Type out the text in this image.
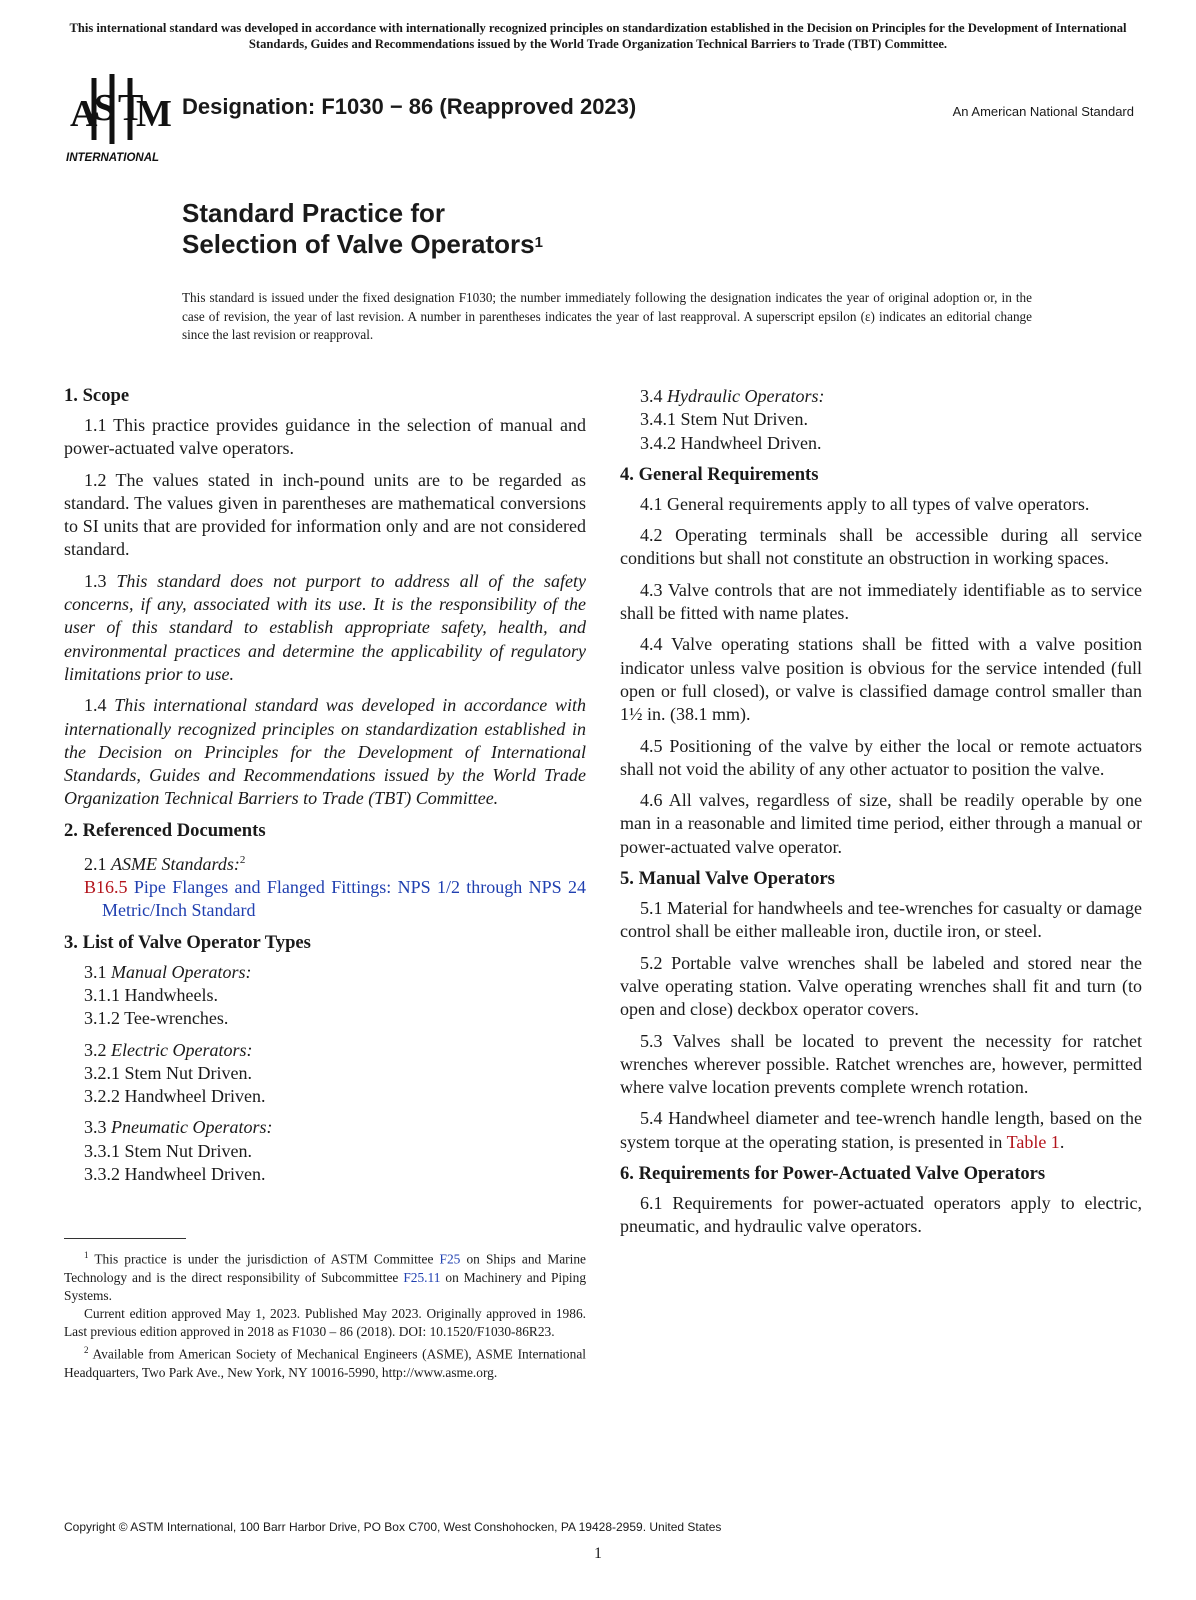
This international standard was developed in accordance with internationally recognized principles on standardization established in the Decision on Principles for the Development of International Standards, Guides and Recommendations issued by the World Trade Organization Technical Barriers to Trade (TBT) Committee.
A
S T
M
INTERNATIONAL
Designation: F1030 − 86 (Reapproved 2023)	An American National Standard
Standard Practice for
Selection of Valve Operators$^1$
This standard is issued under the fixed designation F1030; the number immediately following the designation indicates the year of original adoption or, in the case of revision, the year of last revision. A number in parentheses indicates the year of last reapproval. A superscript epsilon (ε) indicates an editorial change since the last revision or reapproval.
1. Scope

1.1 This practice provides guidance in the selection of manual and power-actuated valve operators.

1.2 The values stated in inch-pound units are to be regarded as standard. The values given in parentheses are mathematical conversions to SI units that are provided for information only and are not considered standard.

1.3 This standard does not purport to address all of the safety concerns, if any, associated with its use. It is the responsibility of the user of this standard to establish appropriate safety, health, and environmental practices and determine the applicability of regulatory limitations prior to use.

1.4 This international standard was developed in accordance with internationally recognized principles on standardization established in the Decision on Principles for the Development of International Standards, Guides and Recommendations issued by the World Trade Organization Technical Barriers to Trade (TBT) Committee.

2. Referenced Documents
2.1 ASME Standards:$^2$
B16.5 Pipe Flanges and Flanged Fittings: NPS 1/2 through NPS 24 Metric/Inch Standard
3. List of Valve Operator Types
3.1 Manual Operators:
3.1.1 Handwheels.
3.1.2 Tee-wrenches.
3.2 Electric Operators:
3.2.1 Stem Nut Driven.
3.2.2 Handwheel Driven.
3.3 Pneumatic Operators:
3.3.1 Stem Nut Driven.
3.3.2 Handwheel Driven.

$^1$ This practice is under the jurisdiction of ASTM Committee F25 on Ships and Marine Technology and is the direct responsibility of Subcommittee F25.11 on Machinery and Piping Systems.

Current edition approved May 1, 2023. Published May 2023. Originally approved in 1986. Last previous edition approved in 2018 as F1030 – 86 (2018). DOI: 10.1520/F1030-86R23.

$^2$ Available from American Society of Mechanical Engineers (ASME), ASME International Headquarters, Two Park Ave., New York, NY 10016-5990, http://www.asme.org.

3.4 Hydraulic Operators:
3.4.1 Stem Nut Driven.
3.4.2 Handwheel Driven.
4. General Requirements

4.1 General requirements apply to all types of valve operators.

4.2 Operating terminals shall be accessible during all service conditions but shall not constitute an obstruction in working spaces.

4.3 Valve controls that are not immediately identifiable as to service shall be fitted with name plates.

4.4 Valve operating stations shall be fitted with a valve position indicator unless valve position is obvious for the service intended (full open or full closed), or valve is classified damage control smaller than 1½ in. (38.1 mm).

4.5 Positioning of the valve by either the local or remote actuators shall not void the ability of any other actuator to position the valve.

4.6 All valves, regardless of size, shall be readily operable by one man in a reasonable and limited time period, either through a manual or power-actuated valve operator.

5. Manual Valve Operators

5.1 Material for handwheels and tee-wrenches for casualty or damage control shall be either malleable iron, ductile iron, or steel.

5.2 Portable valve wrenches shall be labeled and stored near the valve operating station. Valve operating wrenches shall fit and turn (to open and close) deckbox operator covers.

5.3 Valves shall be located to prevent the necessity for ratchet wrenches wherever possible. Ratchet wrenches are, however, permitted where valve location prevents complete wrench rotation.

5.4 Handwheel diameter and tee-wrench handle length, based on the system torque at the operating station, is presented in Table 1.

6. Requirements for Power-Actuated Valve Operators

6.1 Requirements for power-actuated operators apply to electric, pneumatic, and hydraulic valve operators.

Copyright © ASTM International, 100 Barr Harbor Drive, PO Box C700, West Conshohocken, PA 19428-2959. United States
1
